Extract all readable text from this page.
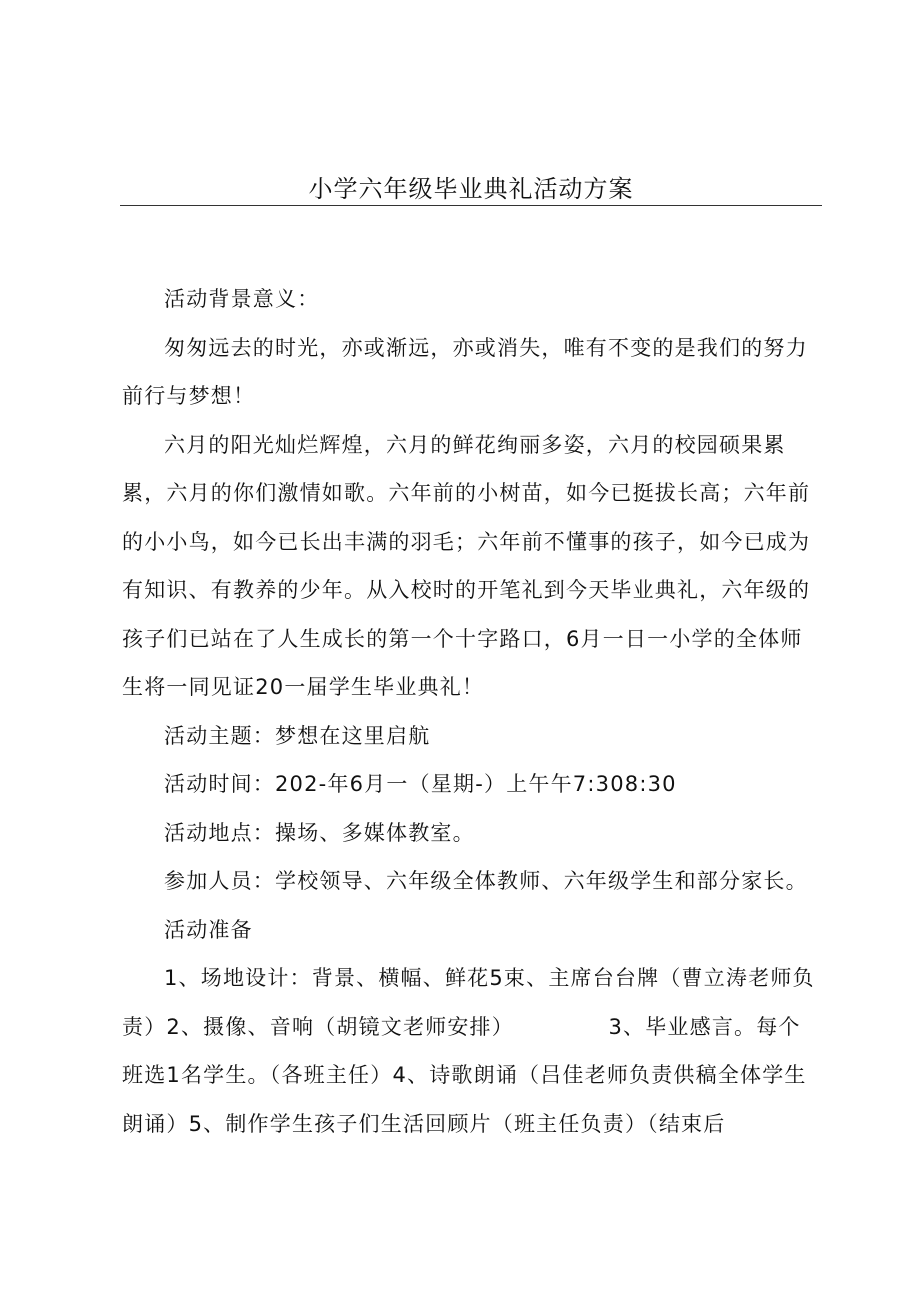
小学六年级毕业典礼活动方案

活动背景意义：

匆匆远去的时光，亦或渐远，亦或消失，唯有不变的是我们的努力前行与梦想！

六月的阳光灿烂辉煌，六月的鲜花绚丽多姿，六月的校园硕果累累，六月的你们激情如歌。六年前的小树苗，如今已挺拔长高；六年前的小小鸟，如今已长出丰满的羽毛；六年前不懂事的孩子，如今已成为有知识、有教养的少年。从入校时的开笔礼到今天毕业典礼，六年级的孩子们已站在了人生成长的第一个十字路口，6月一日一小学的全体师生将一同见证20一届学生毕业典礼！

活动主题：梦想在这里启航

活动时间：202-年6月一（星期-）上午午7:308:30

活动地点：操场、多媒体教室。

参加人员：学校领导、六年级全体教师、六年级学生和部分家长。

活动准备

1、场地设计：背景、横幅、鲜花5束、主席台台牌（曹立涛老师负责）2、摄像、音响（胡镜文老师安排）            3、毕业感言。每个班选1名学生。（各班主任）4、诗歌朗诵（吕佳老师负责供稿全体学生朗诵）5、制作学生孩子们生活回顾片（班主任负责）（结束后
